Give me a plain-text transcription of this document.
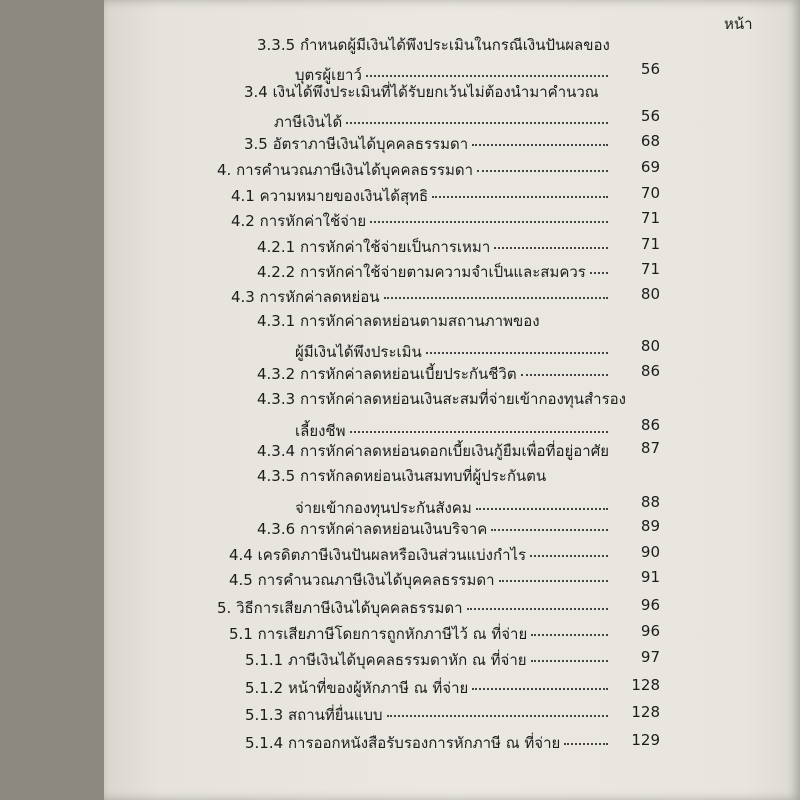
หน้า
3.3.5 กำหนดผู้มีเงินได้พึงประเมินในกรณีเงินปันผลของ
บุตรผู้เยาว์	56
3.4 เงินได้พึงประเมินที่ได้รับยกเว้นไม่ต้องนำมาคำนวณ
ภาษีเงินได้	56
3.5 อัตราภาษีเงินได้บุคคลธรรมดา	68
4. การคำนวณภาษีเงินได้บุคคลธรรมดา	69
4.1 ความหมายของเงินได้สุทธิ	70
4.2 การหักค่าใช้จ่าย	71
4.2.1 การหักค่าใช้จ่ายเป็นการเหมา	71
4.2.2 การหักค่าใช้จ่ายตามความจำเป็นและสมควร	71
4.3 การหักค่าลดหย่อน	80
4.3.1 การหักค่าลดหย่อนตามสถานภาพของ
ผู้มีเงินได้พึงประเมิน	80
4.3.2 การหักค่าลดหย่อนเบี้ยประกันชีวิต	86
4.3.3 การหักค่าลดหย่อนเงินสะสมที่จ่ายเข้ากองทุนสำรอง
เลี้ยงชีพ	86
4.3.4 การหักค่าลดหย่อนดอกเบี้ยเงินกู้ยืมเพื่อที่อยู่อาศัย	87
4.3.5 การหักลดหย่อนเงินสมทบที่ผู้ประกันตน
จ่ายเข้ากองทุนประกันสังคม	88
4.3.6 การหักค่าลดหย่อนเงินบริจาค	89
4.4 เครดิตภาษีเงินปันผลหรือเงินส่วนแบ่งกำไร	90
4.5 การคำนวณภาษีเงินได้บุคคลธรรมดา	91
5. วิธีการเสียภาษีเงินได้บุคคลธรรมดา	96
5.1 การเสียภาษีโดยการถูกหักภาษีไว้ ณ ที่จ่าย	96
5.1.1 ภาษีเงินได้บุคคลธรรมดาหัก ณ ที่จ่าย	97
5.1.2 หน้าที่ของผู้หักภาษี ณ ที่จ่าย	128
5.1.3 สถานที่ยื่นแบบ	128
5.1.4 การออกหนังสือรับรองการหักภาษี ณ ที่จ่าย	129
